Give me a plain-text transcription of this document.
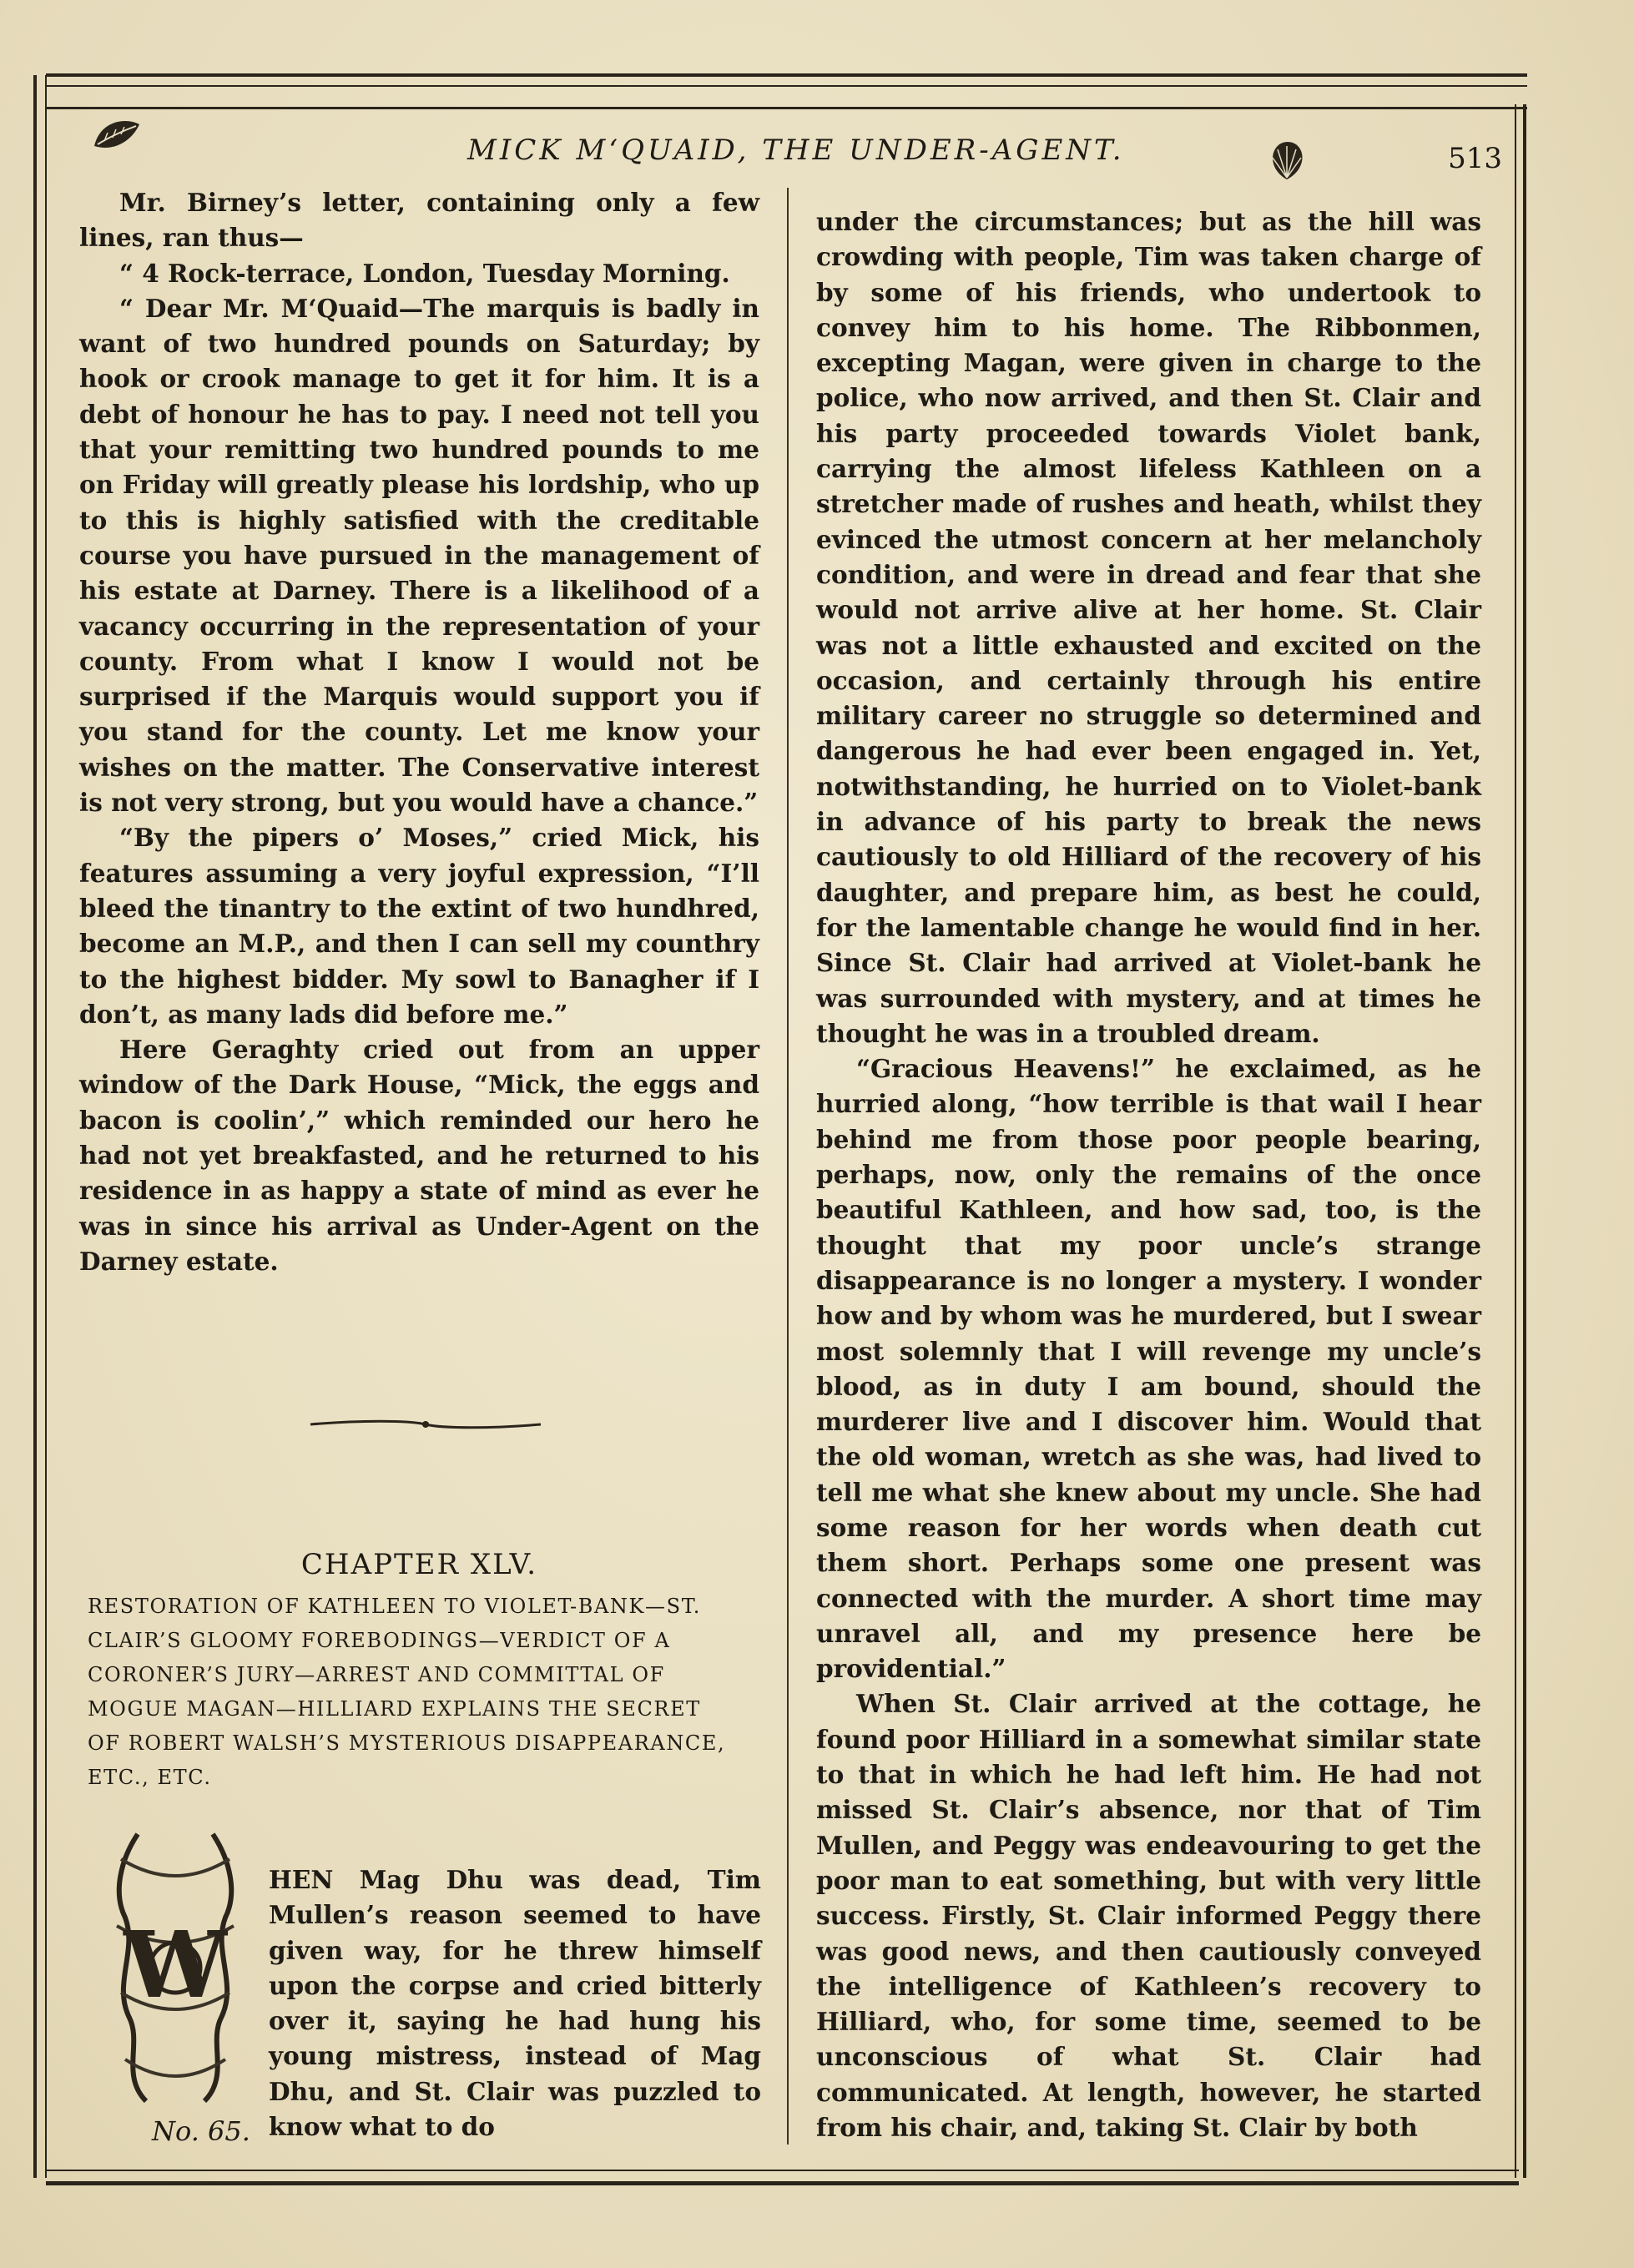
MICK M‘QUAID, THE UNDER-AGENT.	513

Mr. Birney’s letter, containing only a few lines, ran thus—

“ 4 Rock-terrace, London, Tuesday Morning.

“ Dear Mr. M‘Quaid—The marquis is badly in want of two hundred pounds on Saturday; by hook or crook manage to get it for him. It is a debt of honour he has to pay. I need not tell you that your remitting two hundred pounds to me on Friday will greatly please his lordship, who up to this is highly satisfied with the creditable course you have pursued in the management of his estate at Darney. There is a likelihood of a vacancy occurring in the representation of your county. From what I know I would not be surprised if the Marquis would support you if you stand for the county. Let me know your wishes on the matter. The Conservative interest is not very strong, but you would have a chance.”

“By the pipers o’ Moses,” cried Mick, his features assuming a very joyful expression, “I’ll bleed the tinantry to the extint of two hundhred, become an M.P., and then I can sell my counthry to the highest bidder. My sowl to Banagher if I don’t, as many lads did before me.”

Here Geraghty cried out from an upper window of the Dark House, “Mick, the eggs and bacon is coolin’,” which reminded our hero he had not yet breakfasted, and he returned to his residence in as happy a state of mind as ever he was in since his arrival as Under-Agent on the Darney estate.

CHAPTER XLV.
RESTORATION OF KATHLEEN TO VIOLET-BANK—ST.
CLAIR’S GLOOMY FOREBODINGS—VERDICT OF A
CORONER’S JURY—ARREST AND COMMITTAL OF
MOGUE MAGAN—HILLIARD EXPLAINS THE SECRET
OF ROBERT WALSH’S MYSTERIOUS DISAPPEARANCE,
ETC., ETC.
W

HEN Mag Dhu was dead, Tim Mullen’s reason seemed to have given way, for he threw himself upon the corpse and cried bitterly over it, saying he had hung his young mistress, instead of Mag Dhu, and St. Clair was puzzled to know what to do

No. 65.

under the circumstances; but as the hill was crowding with people, Tim was taken charge of by some of his friends, who undertook to convey him to his home. The Ribbonmen, excepting Magan, were given in charge to the police, who now arrived, and then St. Clair and his party proceeded towards Violet bank, carrying the almost lifeless Kathleen on a stretcher made of rushes and heath, whilst they evinced the utmost concern at her melancholy condition, and were in dread and fear that she would not arrive alive at her home. St. Clair was not a little exhausted and excited on the occasion, and certainly through his entire military career no struggle so determined and dangerous he had ever been engaged in. Yet, notwithstanding, he hurried on to Violet-bank in advance of his party to break the news cautiously to old Hilliard of the recovery of his daughter, and prepare him, as best he could, for the lamentable change he would find in her. Since St. Clair had arrived at Violet-bank he was surrounded with mystery, and at times he thought he was in a troubled dream.

“Gracious Heavens!” he exclaimed, as he hurried along, “how terrible is that wail I hear behind me from those poor people bearing, perhaps, now, only the remains of the once beautiful Kathleen, and how sad, too, is the thought that my poor uncle’s strange disappearance is no longer a mystery. I wonder how and by whom was he murdered, but I swear most solemnly that I will revenge my uncle’s blood, as in duty I am bound, should the murderer live and I discover him. Would that the old woman, wretch as she was, had lived to tell me what she knew about my uncle. She had some reason for her words when death cut them short. Perhaps some one present was connected with the murder. A short time may unravel all, and my presence here be providential.”

When St. Clair arrived at the cottage, he found poor Hilliard in a somewhat similar state to that in which he had left him. He had not missed St. Clair’s absence, nor that of Tim Mullen, and Peggy was endeavouring to get the poor man to eat something, but with very little success. Firstly, St. Clair informed Peggy there was good news, and then cautiously conveyed the intelligence of Kathleen’s recovery to Hilliard, who, for some time, seemed to be unconscious of what St. Clair had communicated. At length, however, he started from his chair, and, taking St. Clair by both
